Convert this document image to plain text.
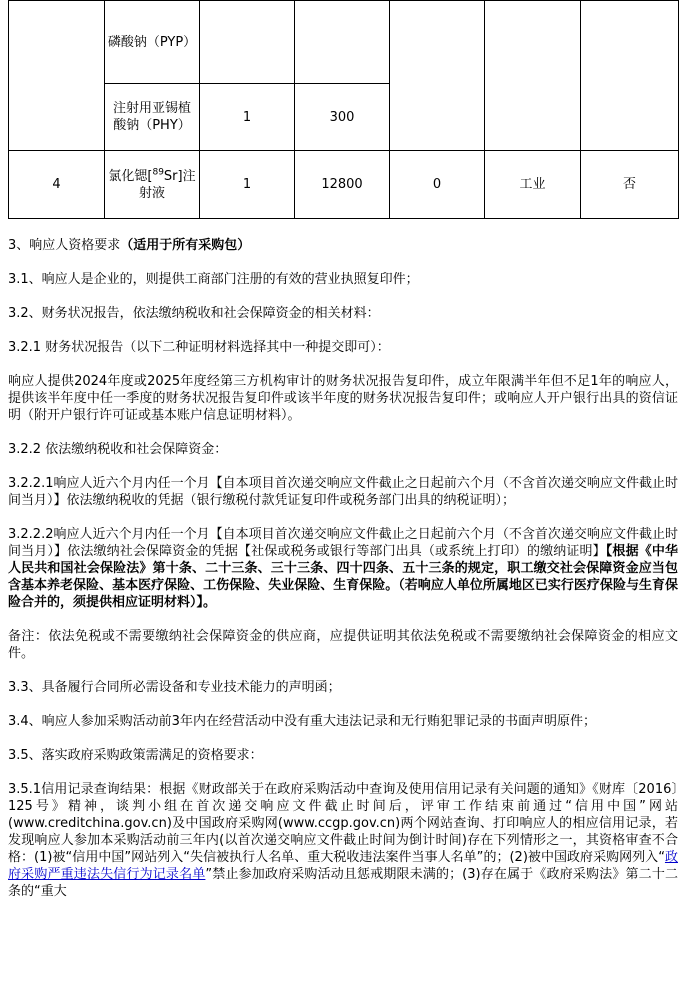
	磷酸钠（PYP）					
	注射用亚锡植酸钠（PHY）	1	300			
4	氯化锶[$^{89}$Sr]注射液	1	12800	0	工业	否

3、响应人资格要求（适用于所有采购包）

3.1、响应人是企业的，则提供工商部门注册的有效的营业执照复印件；

3.2、财务状况报告，依法缴纳税收和社会保障资金的相关材料：

3.2.1 财务状况报告（以下二种证明材料选择其中一种提交即可）：

响应人提供2024年度或2025年度经第三方机构审计的财务状况报告复印件，成立年限满半年但不足1年的响应人，提供该半年度中任一季度的财务状况报告复印件或该半年度的财务状况报告复印件；或响应人开户银行出具的资信证明（附开户银行许可证或基本账户信息证明材料）。

3.2.2 依法缴纳税收和社会保障资金：

3.2.2.1响应人近六个月内任一个月【自本项目首次递交响应文件截止之日起前六个月（不含首次递交响应文件截止时间当月）】依法缴纳税收的凭据（银行缴税付款凭证复印件或税务部门出具的纳税证明）；

3.2.2.2响应人近六个月内任一个月【自本项目首次递交响应文件截止之日起前六个月（不含首次递交响应文件截止时间当月）】依法缴纳社会保障资金的凭据【社保或税务或银行等部门出具（或系统上打印）的缴纳证明】【根据《中华人民共和国社会保险法》第十条、二十三条、三十三条、四十四条、五十三条的规定，职工缴交社会保障资金应当包含基本养老保险、基本医疗保险、工伤保险、失业保险、生育保险。（若响应人单位所属地区已实行医疗保险与生育保险合并的，须提供相应证明材料）】。

备注：依法免税或不需要缴纳社会保障资金的供应商，应提供证明其依法免税或不需要缴纳社会保障资金的相应文件。

3.3、具备履行合同所必需设备和专业技术能力的声明函；

3.4、响应人参加采购活动前3年内在经营活动中没有重大违法记录和无行贿犯罪记录的书面声明原件；

3.5、落实政府采购政策需满足的资格要求：

3.5.1信用记录查询结果：根据《财政部关于在政府采购活动中查询及使用信用记录有关问题的通知》《财库〔2016〕125号》精神，谈判小组在首次递交响应文件截止时间后，评审工作结束前通过“信用中国”网站(www.creditchina.gov.cn)及中国政府采购网(www.ccgp.gov.cn)两个网站查询、打印响应人的相应信用记录，若发现响应人参加本采购活动前三年内(以首次递交响应文件截止时间为倒计时间)存在下列情形之一，其资格审查不合格：(1)被“信用中国”网站列入“失信被执行人名单、重大税收违法案件当事人名单”的；(2)被中国政府采购网列入“政府采购严重违法失信行为记录名单”禁止参加政府采购活动且惩戒期限未满的；(3)存在属于《政府采购法》第二十二条的“重大
